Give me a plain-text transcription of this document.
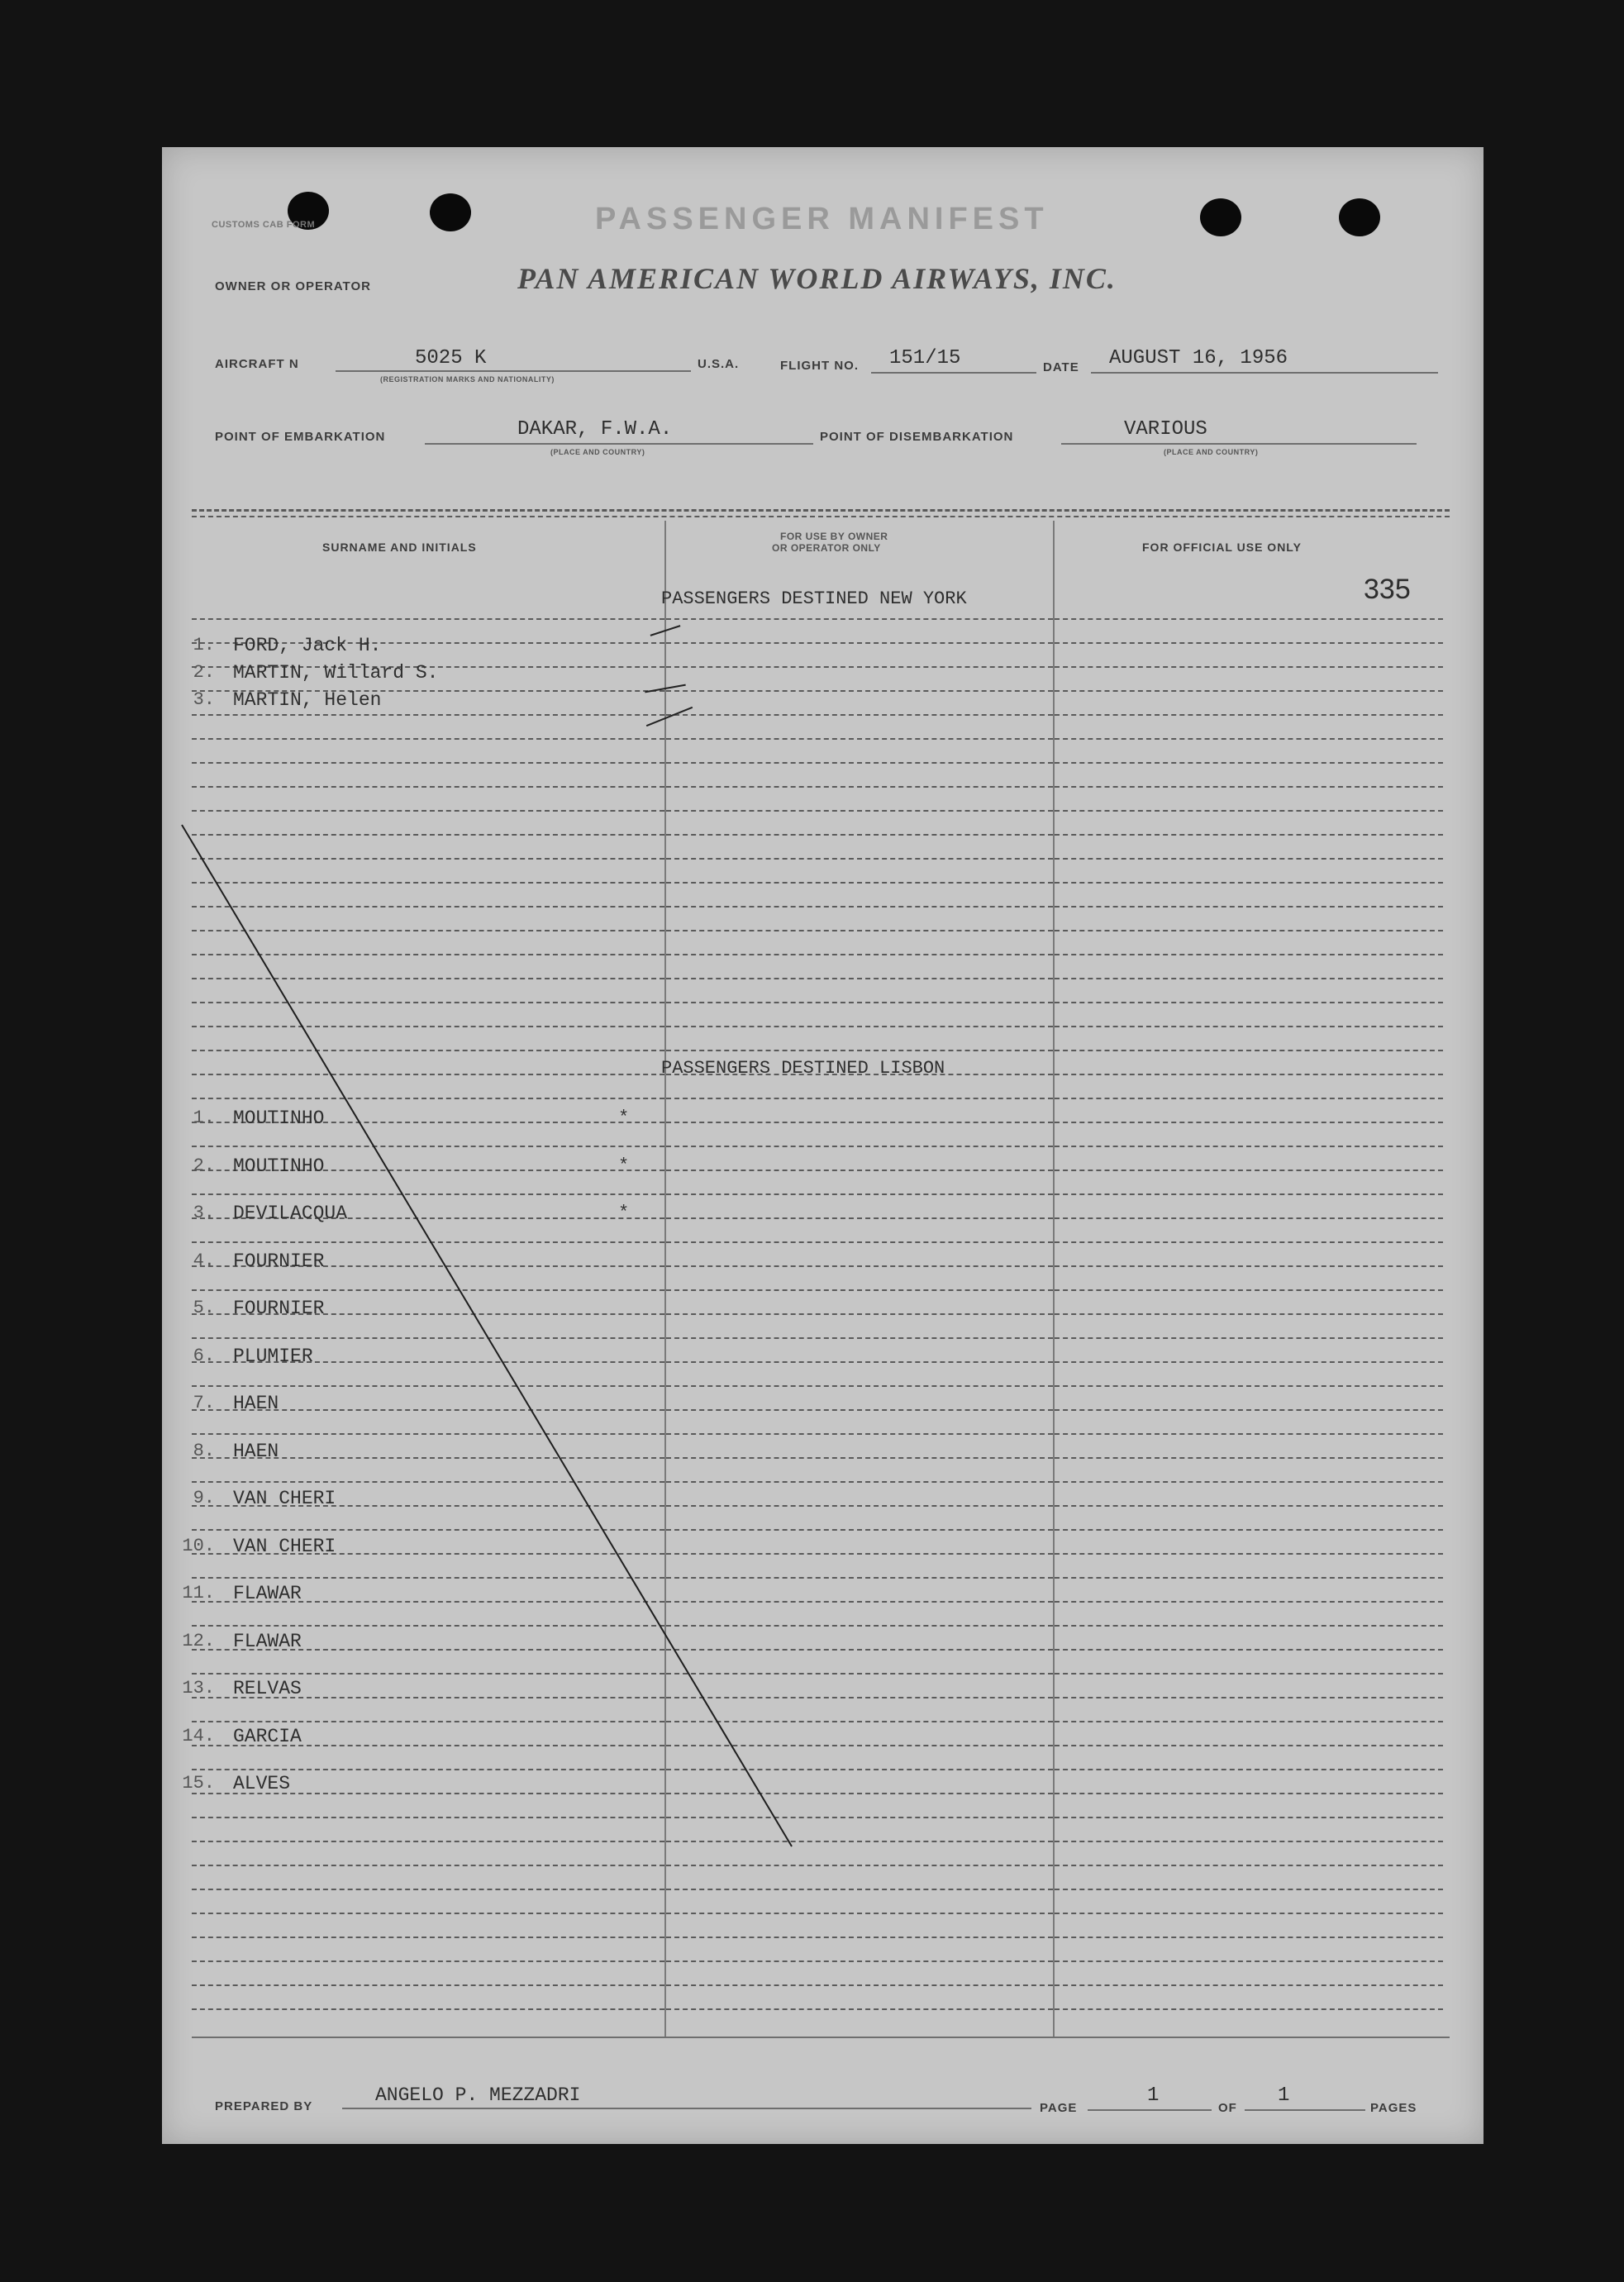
CUSTOMS CAB FORM	PASSENGER MANIFEST
OWNER OR OPERATOR	PAN AMERICAN WORLD AIRWAYS, INC.
AIRCRAFT N	5025 K
(REGISTRATION MARKS AND NATIONALITY)
U.S.A.	FLIGHT NO. 151/15	DATE AUGUST 16, 1956
POINT OF EMBARKATION	DAKAR, F.W.A.
(PLACE AND COUNTRY)
POINT OF DISEMBARKATION	VARIOUS
(PLACE AND COUNTRY)
SURNAME AND INITIALS
FOR USE BY OWNER
OR OPERATOR ONLY	FOR OFFICIAL USE ONLY
335
PASSENGERS DESTINED NEW YORK
PASSENGERS DESTINED LISBON
1. FORD, Jack H.
2. MARTIN, Willard S.
3. MARTIN, Helen
1. MOUTINHO	*
2. MOUTINHO	*
3. DEVILACQUA	*
4. FOURNIER
5. FOURNIER
6. PLUMIER
7. HAEN
8. HAEN
9. VAN CHERI
10. VAN CHERI
11. FLAWAR
12. FLAWAR
13. RELVAS
14. GARCIA
15. ALVES
PREPARED BY
ANGELO P. MEZZADRI
PAGE
1
OF
1
PAGES
